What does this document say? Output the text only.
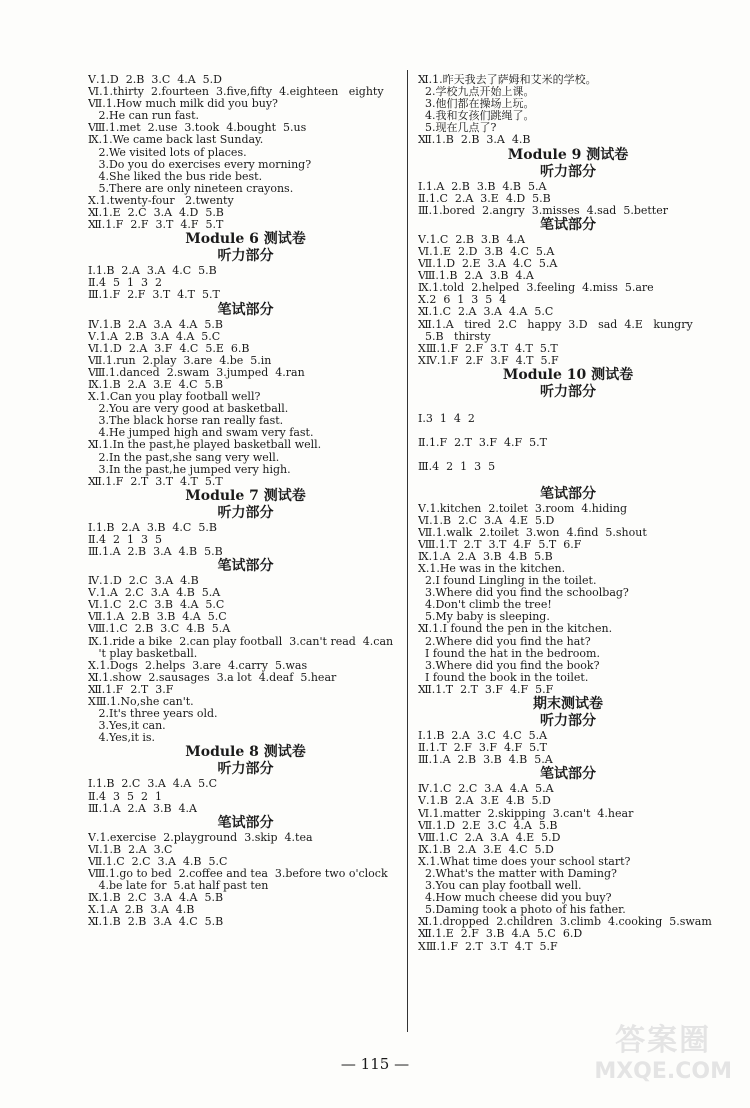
Ⅴ.1.D  2.B  3.C  4.A  5.D
Ⅵ.1.thirty  2.fourteen  3.five,fifty  4.eighteen   eighty
Ⅶ.1.How much milk did you buy?
2.He can run fast.
Ⅷ.1.met  2.use  3.took  4.bought  5.us
Ⅸ.1.We came back last Sunday.
2.We visited lots of places.
3.Do you do exercises every morning?
4.She liked the bus ride best.
5.There are only nineteen crayons.
Ⅹ.1.twenty-four   2.twenty
Ⅺ.1.E  2.C  3.A  4.D  5.B
Ⅻ.1.F  2.F  3.T  4.F  5.T
Module 6 测试卷
听力部分
Ⅰ.1.B  2.A  3.A  4.C  5.B
Ⅱ.4  5  1  3  2
Ⅲ.1.F  2.F  3.T  4.T  5.T
笔试部分
Ⅳ.1.B  2.A  3.A  4.A  5.B
Ⅴ.1.A  2.B  3.A  4.A  5.C
Ⅵ.1.D  2.A  3.F  4.C  5.E  6.B
Ⅶ.1.run  2.play  3.are  4.be  5.in
Ⅷ.1.danced  2.swam  3.jumped  4.ran
Ⅸ.1.B  2.A  3.E  4.C  5.B
Ⅹ.1.Can you play football well?
2.You are very good at basketball.
3.The black horse ran really fast.
4.He jumped high and swam very fast.
Ⅺ.1.In the past,he played basketball well.
2.In the past,she sang very well.
3.In the past,he jumped very high.
Ⅻ.1.F  2.T  3.T  4.T  5.T
Module 7 测试卷
听力部分
Ⅰ.1.B  2.A  3.B  4.C  5.B
Ⅱ.4  2  1  3  5
Ⅲ.1.A  2.B  3.A  4.B  5.B
笔试部分
Ⅳ.1.D  2.C  3.A  4.B
Ⅴ.1.A  2.C  3.A  4.B  5.A
Ⅵ.1.C  2.C  3.B  4.A  5.C
Ⅶ.1.A  2.B  3.B  4.A  5.C
Ⅷ.1.C  2.B  3.C  4.B  5.A
Ⅸ.1.ride a bike  2.can play football  3.can't read  4.can
't play basketball.
Ⅹ.1.Dogs  2.helps  3.are  4.carry  5.was
Ⅺ.1.show  2.sausages  3.a lot  4.deaf  5.hear
Ⅻ.1.F  2.T  3.F
ⅩⅢ.1.No,she can't.
2.It's three years old.
3.Yes,it can.
4.Yes,it is.
Module 8 测试卷
听力部分
Ⅰ.1.B  2.C  3.A  4.A  5.C
Ⅱ.4  3  5  2  1
Ⅲ.1.A  2.A  3.B  4.A
笔试部分
Ⅴ.1.exercise  2.playground  3.skip  4.tea
Ⅵ.1.B  2.A  3.C
Ⅶ.1.C  2.C  3.A  4.B  5.C
Ⅷ.1.go to bed  2.coffee and tea  3.before two o'clock
4.be late for  5.at half past ten
Ⅸ.1.B  2.C  3.A  4.A  5.B
Ⅹ.1.A  2.B  3.A  4.B
Ⅺ.1.B  2.B  3.A  4.C  5.B
Ⅺ.1.昨天我去了萨姆和艾米的学校。
2.学校九点开始上课。
3.他们都在操场上玩。
4.我和女孩们跳绳了。
5.现在几点了?
Ⅻ.1.B  2.B  3.A  4.B
Module 9 测试卷
听力部分
Ⅰ.1.A  2.B  3.B  4.B  5.A
Ⅱ.1.C  2.A  3.E  4.D  5.B
Ⅲ.1.bored  2.angry  3.misses  4.sad  5.better
笔试部分
Ⅴ.1.C  2.B  3.B  4.A
Ⅵ.1.E  2.D  3.B  4.C  5.A
Ⅶ.1.D  2.E  3.A  4.C  5.A
Ⅷ.1.B  2.A  3.B  4.A
Ⅸ.1.told  2.helped  3.feeling  4.miss  5.are
Ⅹ.2  6  1  3  5  4
Ⅺ.1.C  2.A  3.A  4.A  5.C
Ⅻ.1.A   tired  2.C   happy  3.D   sad  4.E   kungry
5.B   thirsty
ⅩⅢ.1.F  2.F  3.T  4.T  5.T
ⅩⅣ.1.F  2.F  3.F  4.T  5.F
Module 10 测试卷
听力部分
Ⅰ.3  1  4  2
Ⅱ.1.F  2.T  3.F  4.F  5.T
Ⅲ.4  2  1  3  5
笔试部分
Ⅴ.1.kitchen  2.toilet  3.room  4.hiding
Ⅵ.1.B  2.C  3.A  4.E  5.D
Ⅶ.1.walk  2.toilet  3.won  4.find  5.shout
Ⅷ.1.T  2.T  3.T  4.F  5.T  6.F
Ⅸ.1.A  2.A  3.B  4.B  5.B
Ⅹ.1.He was in the kitchen.
2.I found Lingling in the toilet.
3.Where did you find the schoolbag?
4.Don't climb the tree!
5.My baby is sleeping.
Ⅺ.1.I found the pen in the kitchen.
2.Where did you find the hat?
I found the hat in the bedroom.
3.Where did you find the book?
I found the book in the toilet.
Ⅻ.1.T  2.T  3.F  4.F  5.F
期末测试卷
听力部分
Ⅰ.1.B  2.A  3.C  4.C  5.A
Ⅱ.1.T  2.F  3.F  4.F  5.T
Ⅲ.1.A  2.B  3.B  4.B  5.A
笔试部分
Ⅳ.1.C  2.C  3.A  4.A  5.A
Ⅴ.1.B  2.A  3.E  4.B  5.D
Ⅵ.1.matter  2.skipping  3.can't  4.hear
Ⅶ.1.D  2.E  3.C  4.A  5.B
Ⅷ.1.C  2.A  3.A  4.E  5.D
Ⅸ.1.B  2.A  3.E  4.C  5.D
Ⅹ.1.What time does your school start?
2.What's the matter with Daming?
3.You can play football well.
4.How much cheese did you buy?
5.Daming took a photo of his father.
Ⅺ.1.dropped  2.children  3.climb  4.cooking  5.swam
Ⅻ.1.E  2.F  3.B  4.A  5.C  6.D
ⅩⅢ.1.F  2.T  3.T  4.T  5.F
— 115 —
答案圈
MXQE.COM
